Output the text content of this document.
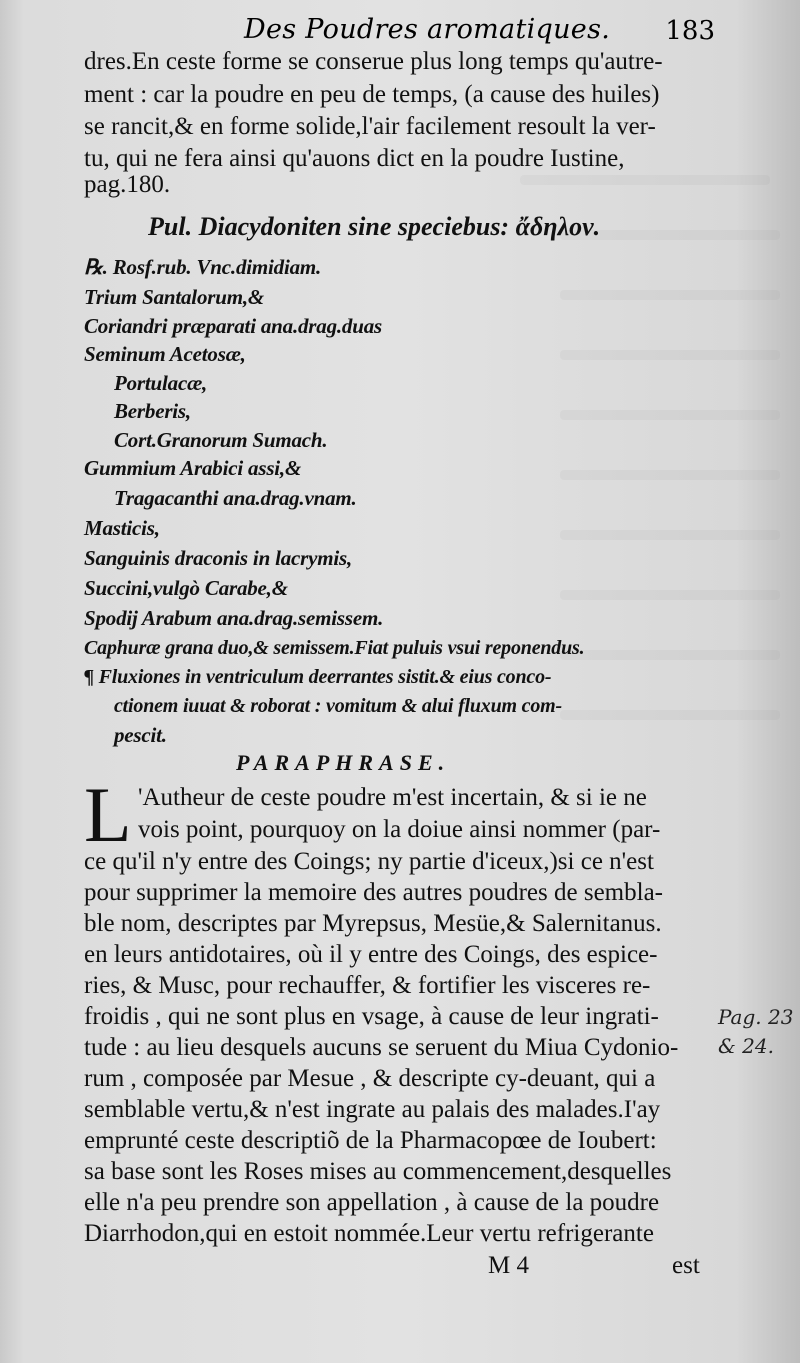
Des Poudres aromatiques. 183
dres.En ceste forme se conserue plus long temps qu'autre-
ment : car la poudre en peu de temps, (a cause des huiles)
se rancit,& en forme solide,l'air facilement resoult la ver-
tu, qui ne fera ainsi qu'auons dict en la poudre Iustine,
pag.180.
Pul. Diacydoniten sine speciebus: ἄδηλον.
℞. Rosf.rub. Vnc.dimidiam.
Trium Santalorum,&
Coriandri præparati ana.drag.duas
Seminum Acetosæ,
Portulacæ,
Berberis,
Cort.Granorum Sumach.
Gummium Arabici assi,&
Tragacanthi ana.drag.vnam.
Masticis,
Sanguinis draconis in lacrymis,
Succini,vulgò Carabe,&
Spodij Arabum ana.drag.semissem.
Caphuræ grana duo,& semissem.Fiat puluis vsui reponendus.
¶ Fluxiones in ventriculum deerrantes sistit.& eius conco-
ctionem iuuat & roborat : vomitum & alui fluxum com-
pescit.
PARAPHRASE.
L 'Autheur de ceste poudre m'est incertain, & si ie ne
vois point, pourquoy on la doiue ainsi nommer (par-
ce qu'il n'y entre des Coings; ny partie d'iceux,)si ce n'est
pour supprimer la memoire des autres poudres de sembla-
ble nom, descriptes par Myrepsus, Mesüe,& Salernitanus.
en leurs antidotaires, où il y entre des Coings, des espice-
ries, & Musc, pour rechauffer, & fortifier les visceres re-
froidis , qui ne sont plus en vsage, à cause de leur ingrati-
tude : au lieu desquels aucuns se seruent du Miua Cydonio-
rum , composée par Mesue , & descripte cy-deuant, qui a
semblable vertu,& n'est ingrate au palais des malades.I'ay
emprunté ceste descriptiõ de la Pharmacopœe de Ioubert:
sa base sont les Roses mises au commencement,desquelles
elle n'a peu prendre son appellation , à cause de la poudre
Diarrhodon,qui en estoit nommée.Leur vertu refrigerante
M 4	est
Pag. 23
& 24.
